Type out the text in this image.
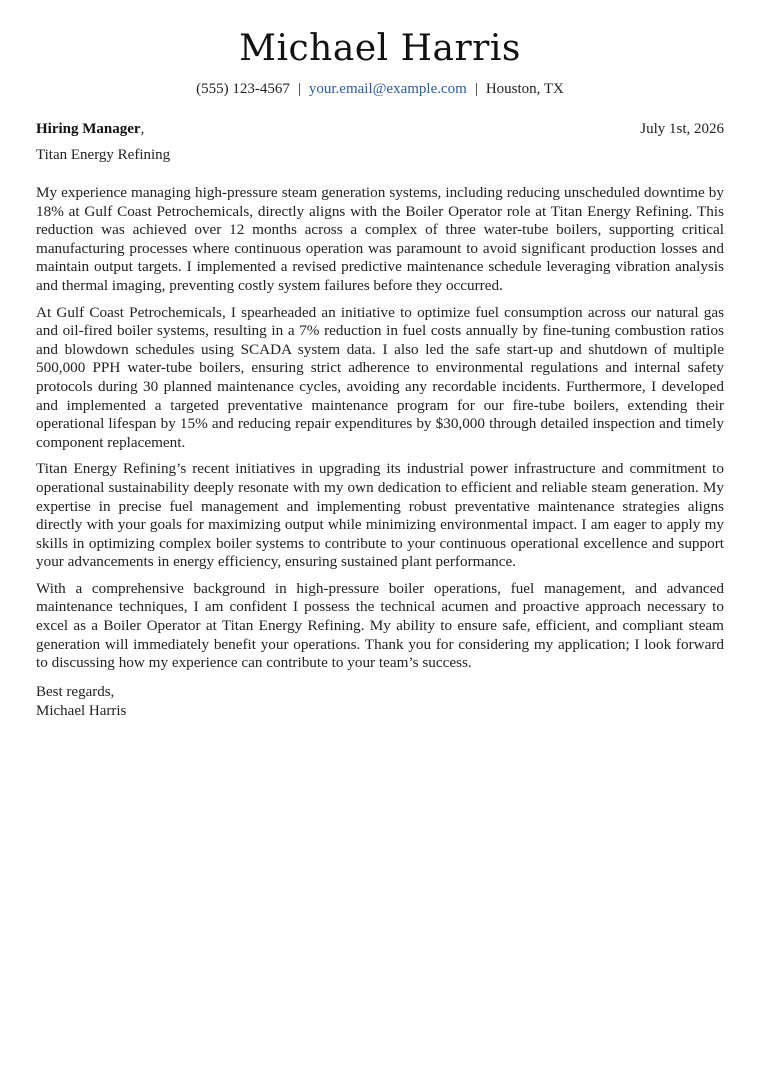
Michael Harris
(555) 123-4567 | your.email@example.com | Houston, TX
Hiring Manager,	July 1st, 2026
Titan Energy Refining

My experience managing high-pressure steam generation systems, including reducing unscheduled downtime by 18% at Gulf Coast Petrochemicals, directly aligns with the Boiler Operator role at Titan Energy Refining. This reduction was achieved over 12 months across a complex of three water-tube boilers, supporting critical manufacturing processes where continuous operation was paramount to avoid significant production losses and maintain output targets. I implemented a revised predictive maintenance schedule leveraging vibration analysis and thermal imaging, preventing costly system failures before they occurred.

At Gulf Coast Petrochemicals, I spearheaded an initiative to optimize fuel consumption across our natural gas and oil-fired boiler systems, resulting in a 7% reduction in fuel costs annually by fine-tuning combustion ratios and blowdown schedules using SCADA system data. I also led the safe start-up and shutdown of multiple 500,000 PPH water-tube boilers, ensuring strict adherence to environmental regulations and internal safety protocols during 30 planned maintenance cycles, avoiding any recordable incidents. Furthermore, I developed and implemented a targeted preventative maintenance program for our fire-tube boilers, extending their operational lifespan by 15% and reducing repair expenditures by $30,000 through detailed inspection and timely component replacement.

Titan Energy Refining’s recent initiatives in upgrading its industrial power infrastructure and commitment to operational sustainability deeply resonate with my own dedication to efficient and reliable steam generation. My expertise in precise fuel management and implementing robust preventative maintenance strategies aligns directly with your goals for maximizing output while minimizing environmental impact. I am eager to apply my skills in optimizing complex boiler systems to contribute to your continuous operational excellence and support your advancements in energy efficiency, ensuring sustained plant performance.

With a comprehensive background in high-pressure boiler operations, fuel management, and advanced maintenance techniques, I am confident I possess the technical acumen and proactive approach necessary to excel as a Boiler Operator at Titan Energy Refining. My ability to ensure safe, efficient, and compliant steam generation will immediately benefit your operations. Thank you for considering my application; I look forward to discussing how my experience can contribute to your team’s success.

Best regards,
Michael Harris
